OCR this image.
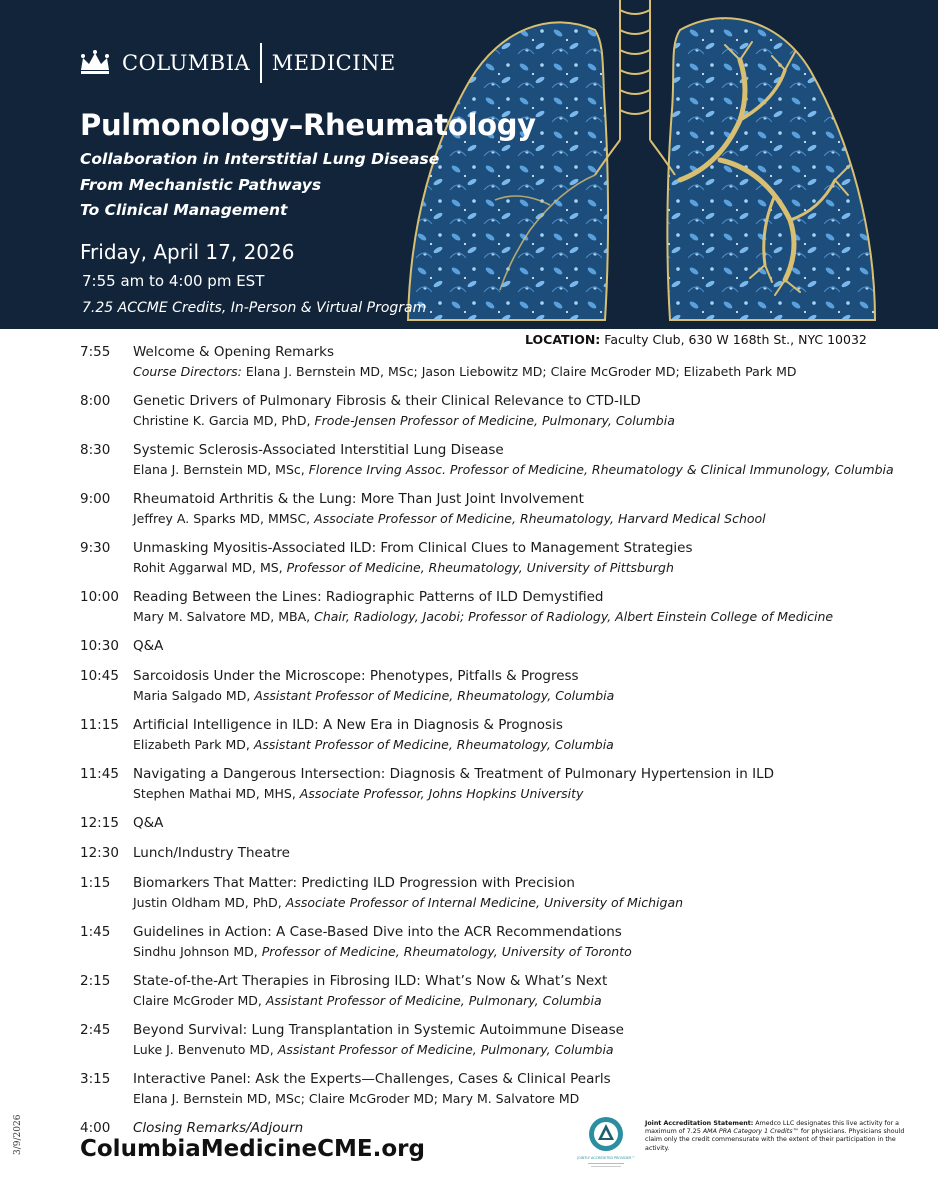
COLUMBIA MEDICINE
Pulmonology–Rheumatology
Collaboration in Interstitial Lung Disease
From Mechanistic Pathways
To Clinical Management
Friday, April 17, 2026
7:55 am to 4:00 pm EST
7.25 ACCME Credits, In-Person & Virtual Program
LOCATION: Faculty Club, 630 W 168th St., NYC 10032
7:55	Welcome & Opening Remarks
Course Directors: Elana J. Bernstein MD, MSc; Jason Liebowitz MD; Claire McGroder MD; Elizabeth Park MD
8:00	Genetic Drivers of Pulmonary Fibrosis & their Clinical Relevance to CTD-ILD
Christine K. Garcia MD, PhD, Frode-Jensen Professor of Medicine, Pulmonary, Columbia
8:30	Systemic Sclerosis-Associated Interstitial Lung Disease
Elana J. Bernstein MD, MSc, Florence Irving Assoc. Professor of Medicine, Rheumatology & Clinical Immunology, Columbia
9:00	Rheumatoid Arthritis & the Lung: More Than Just Joint Involvement
Jeffrey A. Sparks MD, MMSC, Associate Professor of Medicine, Rheumatology, Harvard Medical School
9:30	Unmasking Myositis-Associated ILD: From Clinical Clues to Management Strategies
Rohit Aggarwal MD, MS, Professor of Medicine, Rheumatology, University of Pittsburgh
10:00	Reading Between the Lines: Radiographic Patterns of ILD Demystified
Mary M. Salvatore MD, MBA, Chair, Radiology, Jacobi; Professor of Radiology, Albert Einstein College of Medicine
10:30	Q&A
10:45	Sarcoidosis Under the Microscope: Phenotypes, Pitfalls & Progress
Maria Salgado MD, Assistant Professor of Medicine, Rheumatology, Columbia
11:15	Artificial Intelligence in ILD: A New Era in Diagnosis & Prognosis
Elizabeth Park MD, Assistant Professor of Medicine, Rheumatology, Columbia
11:45	Navigating a Dangerous Intersection: Diagnosis & Treatment of Pulmonary Hypertension in ILD
Stephen Mathai MD, MHS, Associate Professor, Johns Hopkins University
12:15	Q&A
12:30	Lunch/Industry Theatre
1:15	Biomarkers That Matter: Predicting ILD Progression with Precision
Justin Oldham MD, PhD, Associate Professor of Internal Medicine, University of Michigan
1:45	Guidelines in Action: A Case-Based Dive into the ACR Recommendations
Sindhu Johnson MD, Professor of Medicine, Rheumatology, University of Toronto
2:15	State-of-the-Art Therapies in Fibrosing ILD: What’s Now & What’s Next
Claire McGroder MD, Assistant Professor of Medicine, Pulmonary, Columbia
2:45	Beyond Survival: Lung Transplantation in Systemic Autoimmune Disease
Luke J. Benvenuto MD, Assistant Professor of Medicine, Pulmonary, Columbia
3:15	Interactive Panel: Ask the Experts—Challenges, Cases & Clinical Pearls
Elana J. Bernstein MD, MSc; Claire McGroder MD; Mary M. Salvatore MD
4:00	Closing Remarks/Adjourn
3/9/2026 ColumbiaMedicineCME.org	JOINTLY ACCREDITED PROVIDER™
Joint Accreditation Statement: Amedco LLC designates this live activity for a maximum of 7.25 AMA PRA Category 1 Credits™ for physicians. Physicians should claim only the credit commensurate with the extent of their participation in the activity.
